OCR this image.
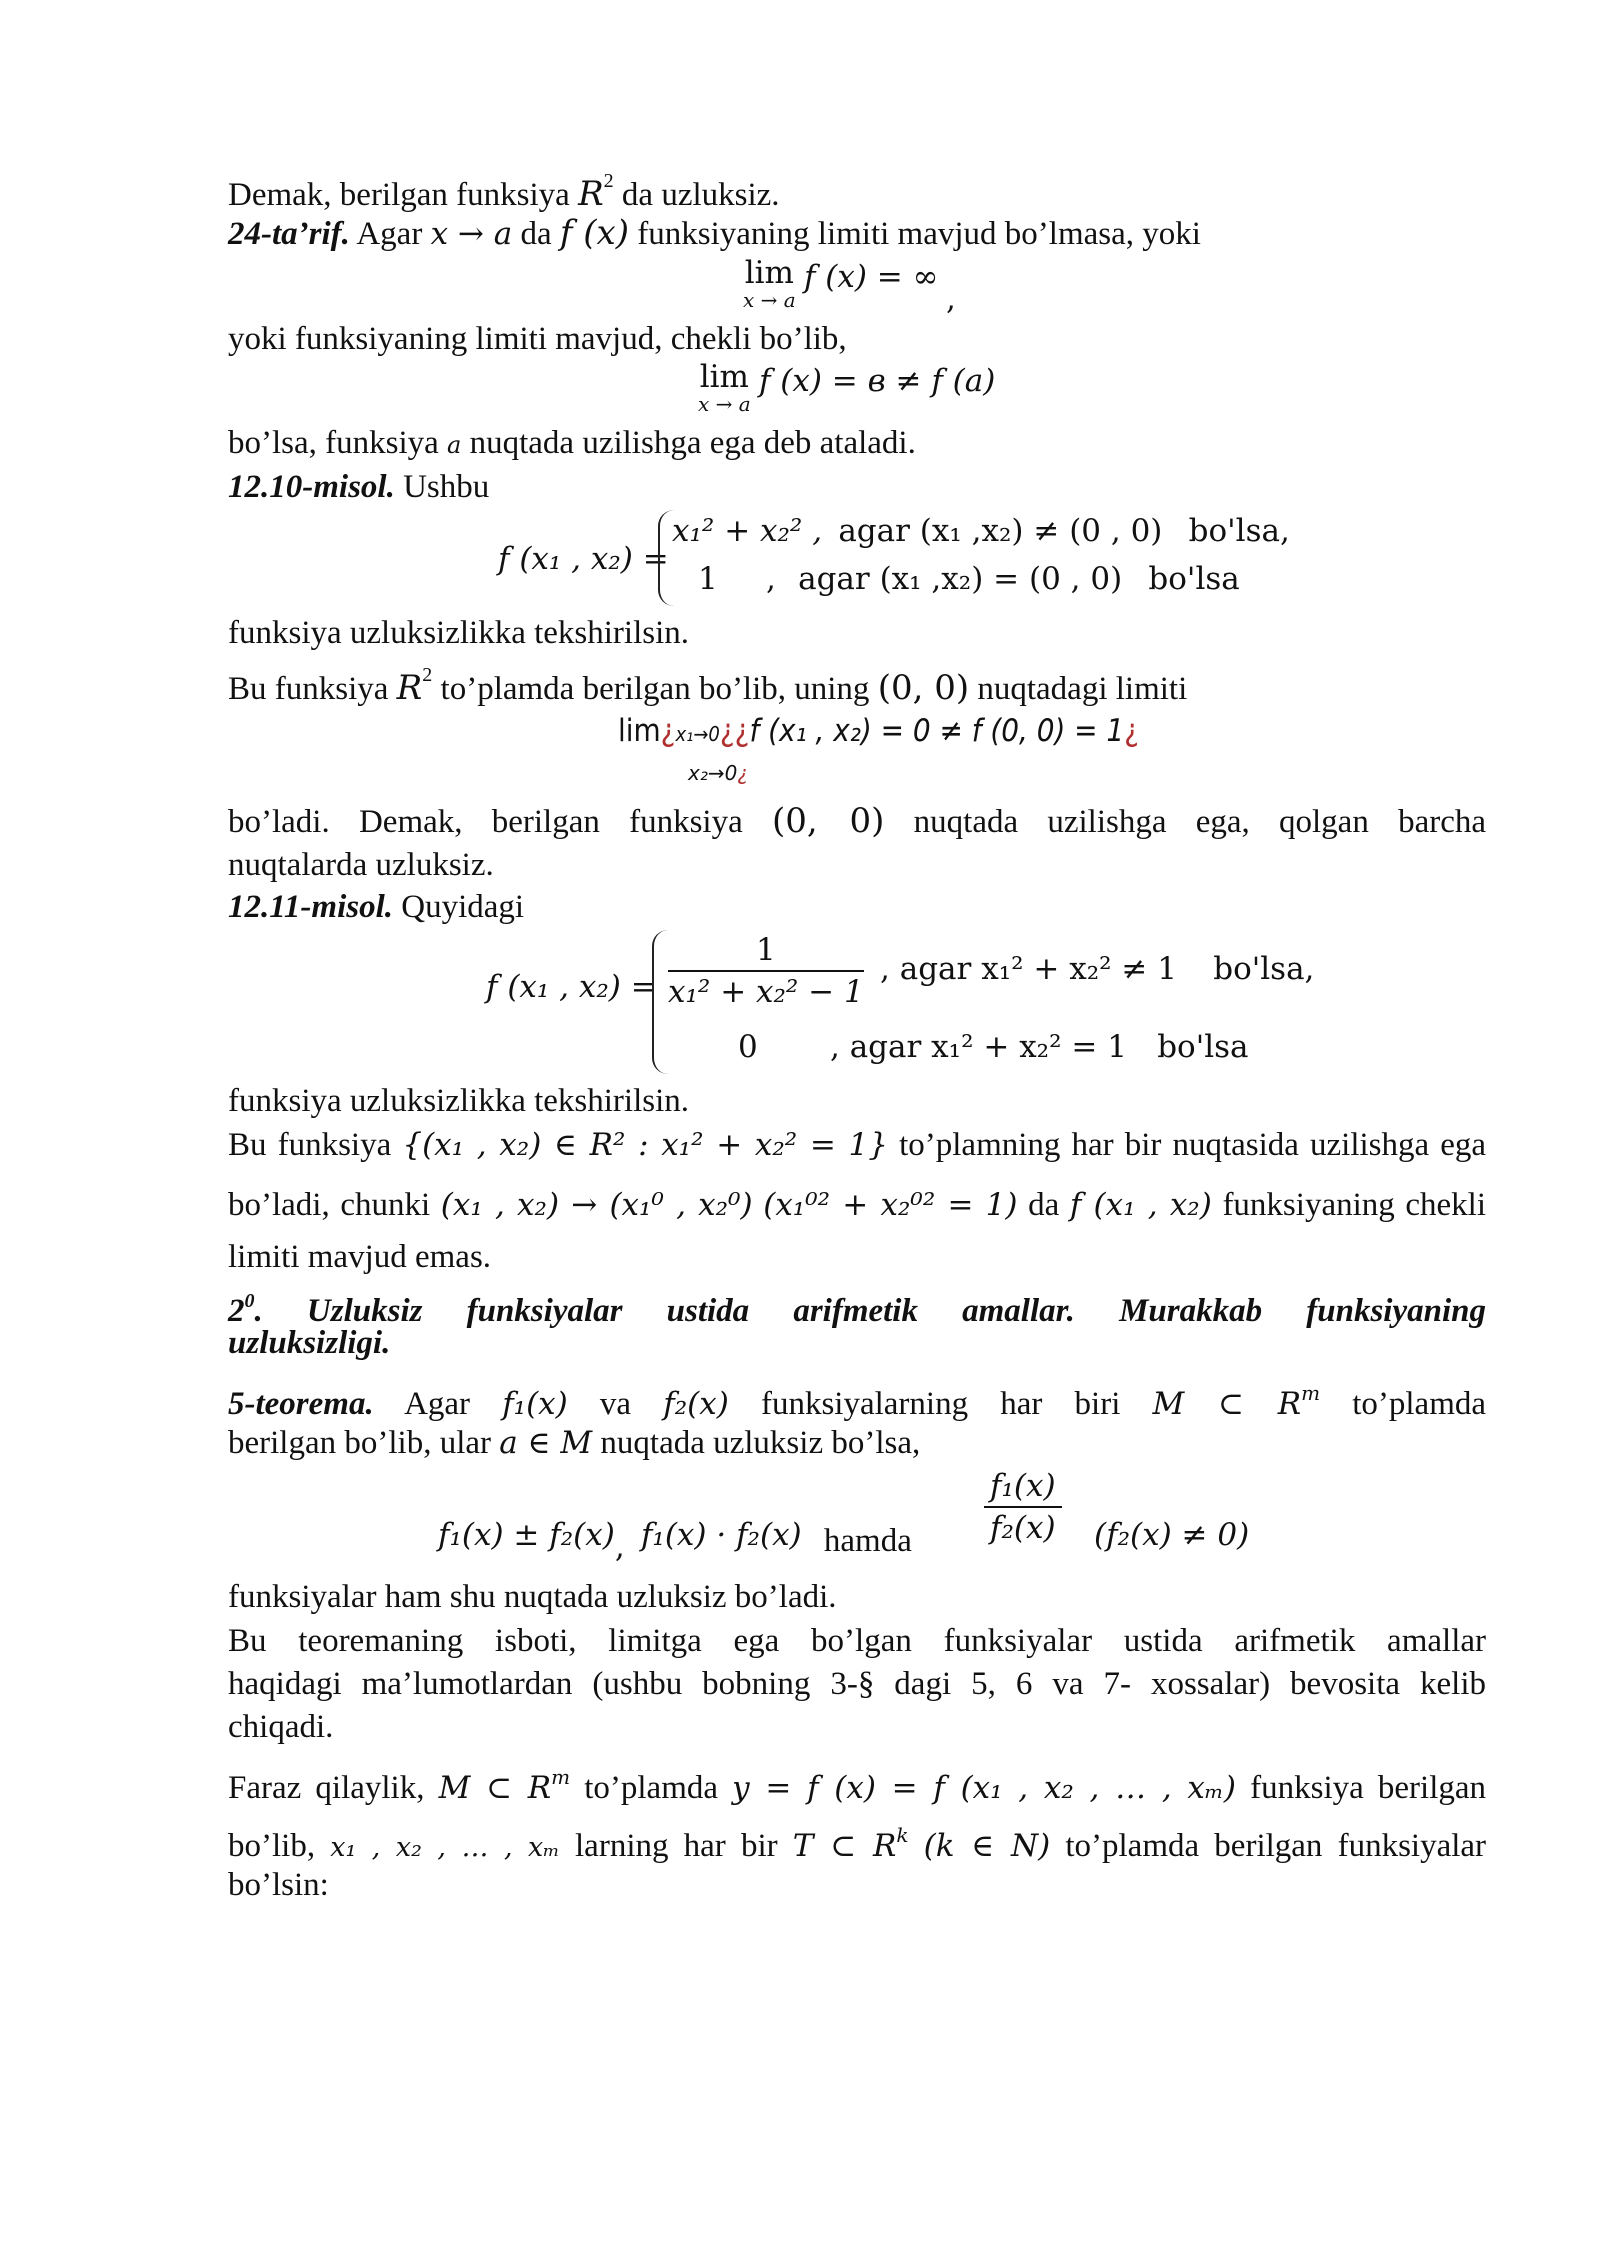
Demak, berilgan funksiya $R^2$ da uzluksiz.
24-ta’rif. Agar x → a da f (x) funksiyaning limiti mavjud bo’lmasa, yoki
lim
x → a
f (x) = ∞
,
yoki funksiyaning limiti mavjud, chekli bo’lib,
lim
x → a
f (x) = в ≠ f (a)
bo’lsa, funksiya a nuqtada uzilishga ega deb ataladi.
12.10-misol. Ushbu
f (x₁ , x₂) =
x₁² + x₂² , agar (x₁ ,x₂) ≠ (0 , 0) bo'lsa,
1 , agar (x₁ ,x₂) = (0 , 0) bo'lsa
funksiya uzluksizlikka tekshirilsin.
Bu funksiya $R^2$ to’plamda berilgan bo’lib, uning (0, 0) nuqtadagi limiti
lim¿x₁→0¿¿f (x₁ , x₂) = 0 ≠ f (0, 0) = 1¿
x₂→0¿
bo’ladi. Demak, berilgan funksiya (0, 0) nuqtada uzilishga ega, qolgan barcha
nuqtalarda uzluksiz.
12.11-misol. Quyidagi
f (x₁ , $x_2) = \frac{1}{\text{x₁² + x₂² − 1}}$ , agar x₁² + x₂² ≠ 1 bo'lsa,
0 , agar x₁² + x₂² = 1 bo'lsa
funksiya uzluksizlikka tekshirilsin.
Bu funksiya {(x₁ , x₂) ∈ R² : x₁² + x₂² = 1} to’plamning har bir nuqtasida uzilishga ega
bo’ladi, chunki (x₁ , x₂) → (x₁⁰ , x₂⁰) (x₁⁰² + x₂⁰² = 1) da f (x₁ , x₂) funksiyaning chekli
limiti mavjud emas.
$2^0$. Uzluksiz funksiyalar ustida arifmetik amallar. Murakkab funksiyaning
uzluksizligi.
5-teorema. Agar f₁(x) va f₂(x) funksiyalarning har biri M ⊂ $R^m$ to’plamda
berilgan bo’lib, ular a ∈ M nuqtada uzluksiz bo’lsa,
f₁(x) ± f₂(x), f₁(x) · f₂(x) hamda $\frac{\text{f₁(x)}}{\text{f₂(x)}} (f_2(x) \ne 0)$
funksiyalar ham shu nuqtada uzluksiz bo’ladi.
Bu teoremaning isboti, limitga ega bo’lgan funksiyalar ustida arifmetik amallar
haqidagi ma’lumotlardan (ushbu bobning 3-§ dagi 5, 6 va 7- xossalar) bevosita kelib
chiqadi.
Faraz qilaylik, M ⊂ $R^m$ to’plamda y = f (x) = f (x₁ , x₂ , … , xₘ) funksiya berilgan
bo’lib, x₁ , x₂ , … , xₘ larning har bir T ⊂ $R^k$ (k ∈ N) to’plamda berilgan funksiyalar
bo’lsin:
